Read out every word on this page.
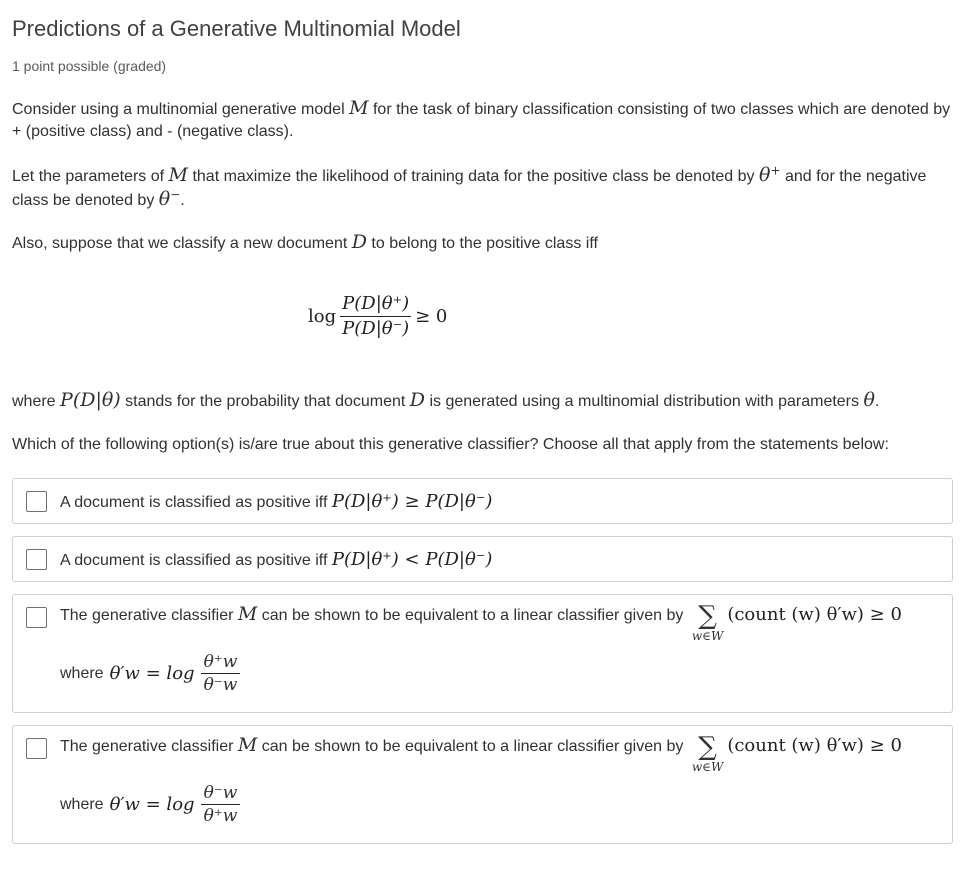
Predictions of a Generative Multinomial Model
1 point possible (graded)
Consider using a multinomial generative model M for the task of binary classification consisting of two classes which are denoted by + (positive class) and - (negative class).
Let the parameters of M that maximize the likelihood of training data for the positive class be denoted by θ+ and for the negative class be denoted by θ−.
Also, suppose that we classify a new document D to belong to the positive class iff
$\log \frac{P(D|\theta^+)}{P(D|\theta^-)} \ge 0$
where P(D|θ) stands for the probability that document D is generated using a multinomial distribution with parameters θ.
Which of the following option(s) is/are true about this generative classifier? Choose all that apply from the statements below:
A document is classified as positive iff P(D|θ⁺) ≥ P(D|θ⁻)
A document is classified as positive iff P(D|θ⁺) < P(D|θ⁻)
The generative classifier M can be shown to be equivalent to a linear classifier given by ∑
w∈W
(count (w) θ′w) ≥ 0
where $\theta'w = \log \frac{\theta^+w}{\theta^-w}$
The generative classifier M can be shown to be equivalent to a linear classifier given by ∑
w∈W
(count (w) θ′w) ≥ 0
where $\theta'w = \log \frac{\theta^-w}{\theta^+w}$
